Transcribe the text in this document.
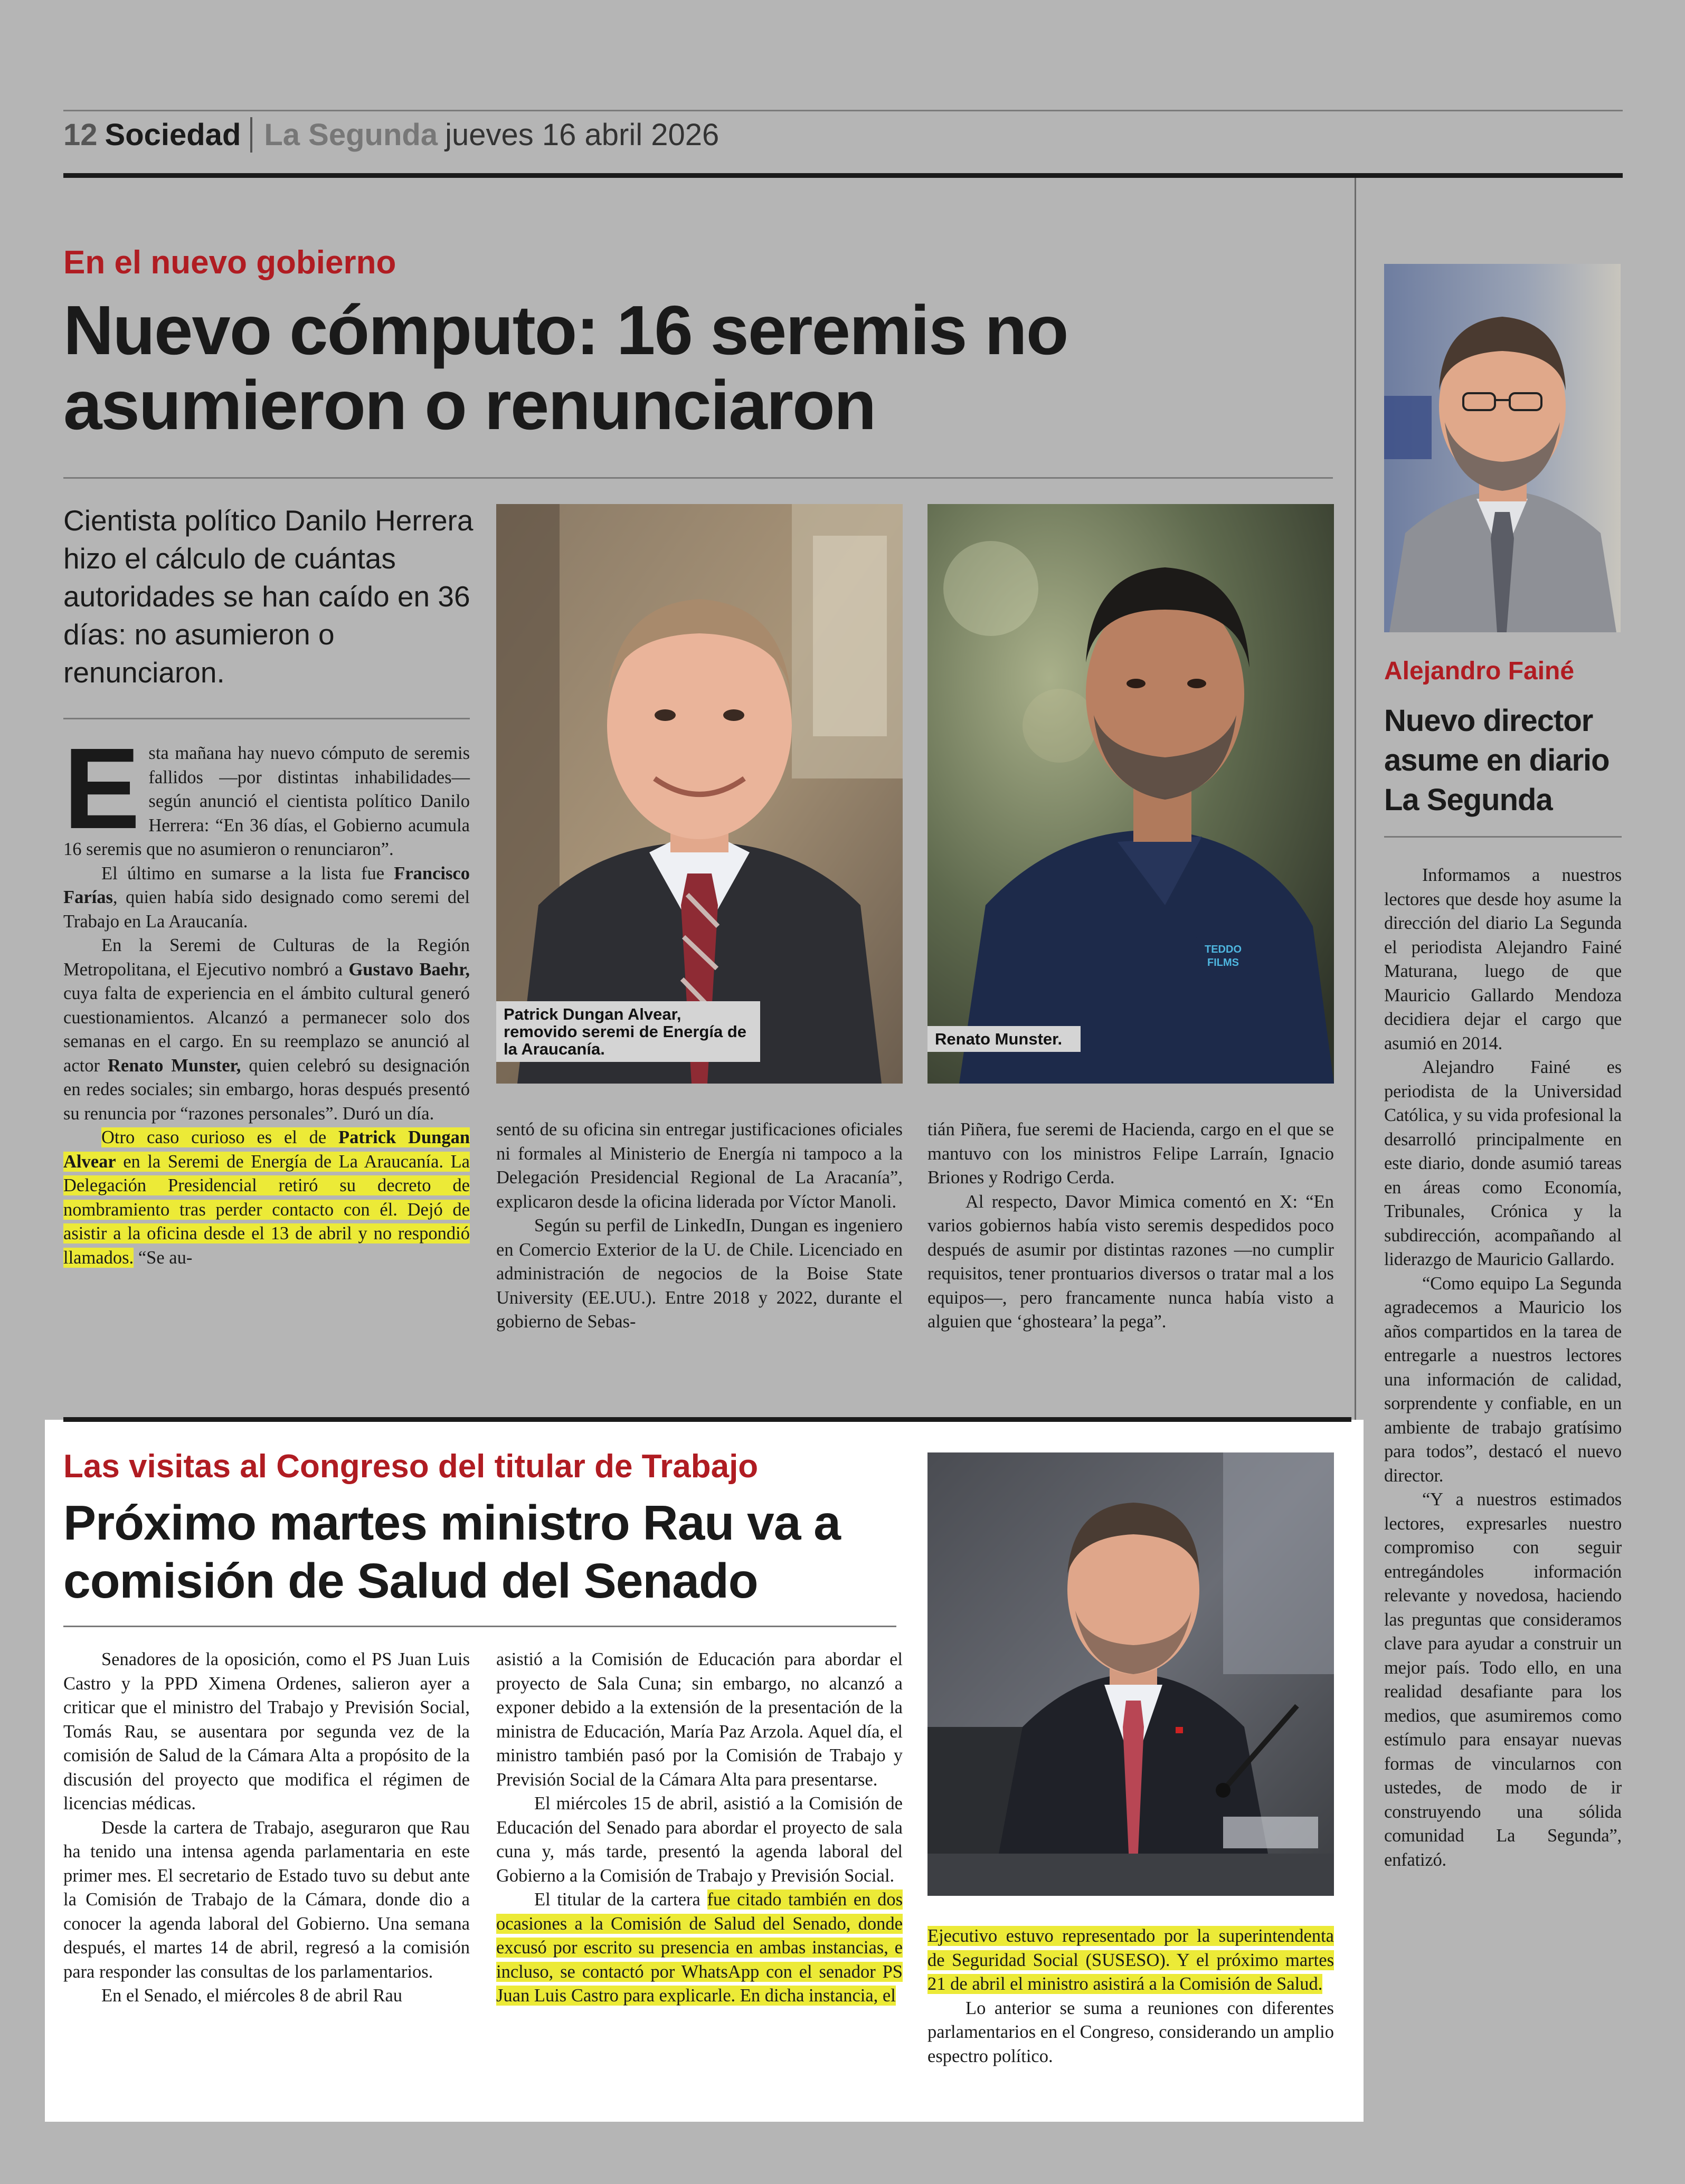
12 Sociedad La Segunda jueves 16 abril 2026
En el nuevo gobierno
Nuevo cómputo: 16 seremis no asumieron o renunciaron
Cientista político Danilo Herrera hizo el cálculo de cuántas autoridades se han caído en 36 días: no asumieron o renunciaron.

Esta mañana hay nuevo cómputo de seremis fallidos —por distintas inhabilidades— según anunció el cientista político Danilo Herrera: “En 36 días, el Gobierno acumula 16 seremis que no asumieron o renunciaron”.

El último en sumarse a la lista fue Francisco Farías, quien había sido designado como seremi del Trabajo en La Araucanía.

En la Seremi de Culturas de la Región Metropolitana, el Ejecutivo nombró a Gustavo Baehr, cuya falta de experiencia en el ámbito cultural generó cuestionamientos. Alcanzó a permanecer solo dos semanas en el cargo. En su reemplazo se anunció al actor Renato Munster, quien celebró su designación en redes sociales; sin embargo, horas después presentó su renuncia por “razones personales”. Duró un día.

Otro caso curioso es el de Patrick Dungan Alvear en la Seremi de Energía de La Araucanía. La Delegación Presidencial retiró su decreto de nombramiento tras perder contacto con él. Dejó de asistir a la oficina desde el 13 de abril y no respondió llamados. “Se au-

Patrick Dungan Alvear, removido seremi de Energía de la Araucanía.
TEDDO
FILMS
Renato Munster.

sentó de su oficina sin entregar justificaciones oficiales ni formales al Ministerio de Energía ni tampoco a la Delegación Presidencial Regional de La Aracanía”, explicaron desde la oficina liderada por Víctor Manoli.

Según su perfil de LinkedIn, Dungan es ingeniero en Comercio Exterior de la U. de Chile. Licenciado en administración de negocios de la Boise State University (EE.UU.). Entre 2018 y 2022, durante el gobierno de Sebas-

tián Piñera, fue seremi de Hacienda, cargo en el que se mantuvo con los ministros Felipe Larraín, Ignacio Briones y Rodrigo Cerda.

Al respecto, Davor Mimica comentó en X: “En varios gobiernos había visto seremis despedidos poco después de asumir por distintas razones —no cumplir requisitos, tener prontuarios diversos o tratar mal a los equipos—, pero francamente nunca había visto a alguien que ‘ghosteara’ la pega”.

Alejandro Fainé
Nuevo director asume en diario La Segunda

Informamos a nuestros lectores que desde hoy asume la dirección del diario La Segunda el periodista Alejandro Fainé Maturana, luego de que Mauricio Gallardo Mendoza decidiera dejar el cargo que asumió en 2014.

Alejandro Fainé es periodista de la Universidad Católica, y su vida profesional la desarrolló principalmente en este diario, donde asumió tareas en áreas como Economía, Tribunales, Crónica y la subdirección, acompañando al liderazgo de Mauricio Gallardo.

“Como equipo La Segunda agradecemos a Mauricio los años compartidos en la tarea de entregarle a nuestros lectores una información de calidad, sorprendente y confiable, en un ambiente de trabajo gratísimo para todos”, destacó el nuevo director.

“Y a nuestros estimados lectores, expresarles nuestro compromiso con seguir entregándoles información relevante y novedosa, haciendo las preguntas que consideramos clave para ayudar a construir un mejor país. Todo ello, en una realidad desafiante para los medios, que asumiremos como estímulo para ensayar nuevas formas de vincularnos con ustedes, de modo de ir construyendo una sólida comunidad La Segunda”, enfatizó.

Las visitas al Congreso del titular de Trabajo
Próximo martes ministro Rau va a comisión de Salud del Senado

Senadores de la oposición, como el PS Juan Luis Castro y la PPD Ximena Ordenes, salieron ayer a criticar que el ministro del Trabajo y Previsión Social, Tomás Rau, se ausentara por segunda vez de la comisión de Salud de la Cámara Alta a propósito de la discusión del proyecto que modifica el régimen de licencias médicas.

Desde la cartera de Trabajo, aseguraron que Rau ha tenido una intensa agenda parlamentaria en este primer mes. El secretario de Estado tuvo su debut ante la Comisión de Trabajo de la Cámara, donde dio a conocer la agenda laboral del Gobierno. Una semana después, el martes 14 de abril, regresó a la comisión para responder las consultas de los parlamentarios.

En el Senado, el miércoles 8 de abril Rau

asistió a la Comisión de Educación para abordar el proyecto de Sala Cuna; sin embargo, no alcanzó a exponer debido a la extensión de la presentación de la ministra de Educación, María Paz Arzola. Aquel día, el ministro también pasó por la Comisión de Trabajo y Previsión Social de la Cámara Alta para presentarse.

El miércoles 15 de abril, asistió a la Comisión de Educación del Senado para abordar el proyecto de sala cuna y, más tarde, presentó la agenda laboral del Gobierno a la Comisión de Trabajo y Previsión Social.

El titular de la cartera fue citado también en dos ocasiones a la Comisión de Salud del Senado, donde excusó por escrito su presencia en ambas instancias, e incluso, se contactó por WhatsApp con el senador PS Juan Luis Castro para explicarle. En dicha instancia, el

Ejecutivo estuvo representado por la superintendenta de Seguridad Social (SUSESO). Y el próximo martes 21 de abril el ministro asistirá a la Comisión de Salud.

Lo anterior se suma a reuniones con diferentes parlamentarios en el Congreso, considerando un amplio espectro político.
